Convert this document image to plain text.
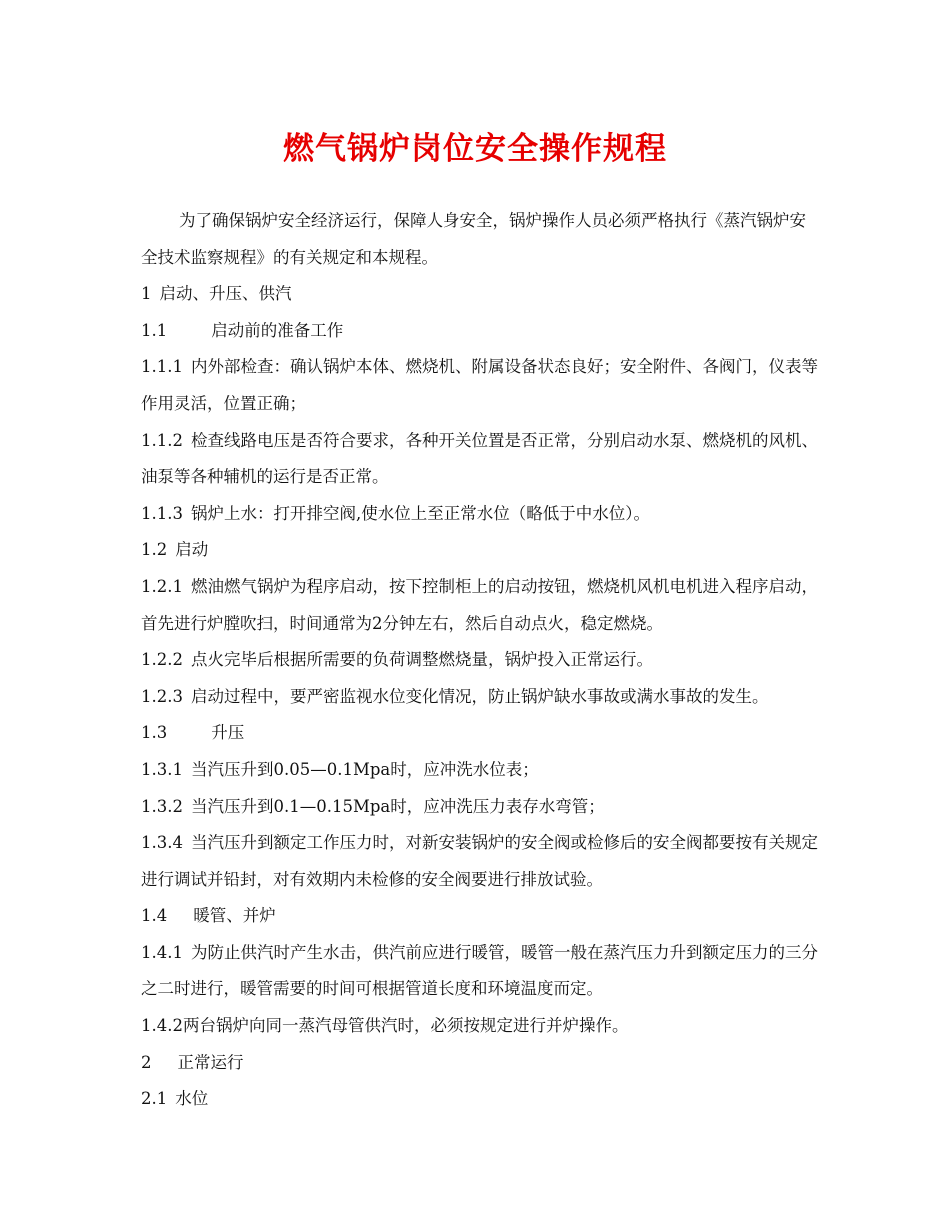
燃气锅炉岗位安全操作规程

为了确保锅炉安全经济运行，保障人身安全，锅炉操作人员必须严格执行《蒸汽锅炉安全技术监察规程》的有关规定和本规程。

1 启动、升压、供汽

1.1	启动前的准备工作

1.1.1 内外部检查：确认锅炉本体、燃烧机、附属设备状态良好；安全附件、各阀门，仪表等作用灵活，位置正确；

1.1.2 检查线路电压是否符合要求，各种开关位置是否正常，分别启动水泵、燃烧机的风机、油泵等各种辅机的运行是否正常。

1.1.3 锅炉上水：打开排空阀,使水位上至正常水位（略低于中水位）。

1.2 启动

1.2.1 燃油燃气锅炉为程序启动，按下控制柜上的启动按钮，燃烧机风机电机进入程序启动，首先进行炉膛吹扫，时间通常为2分钟左右，然后自动点火，稳定燃烧。

1.2.2 点火完毕后根据所需要的负荷调整燃烧量，锅炉投入正常运行。

1.2.3 启动过程中，要严密监视水位变化情况，防止锅炉缺水事故或满水事故的发生。

1.3	升压

1.3.1 当汽压升到0.05—0.1Mpa时，应冲洗水位表；

1.3.2 当汽压升到0.1—0.15Mpa时，应冲洗压力表存水弯管；

1.3.4 当汽压升到额定工作压力时，对新安装锅炉的安全阀或检修后的安全阀都要按有关规定进行调试并铅封，对有效期内未检修的安全阀要进行排放试验。

1.4 暖管、并炉

1.4.1 为防止供汽时产生水击，供汽前应进行暖管，暖管一般在蒸汽压力升到额定压力的三分之二时进行，暖管需要的时间可根据管道长度和环境温度而定。

1.4.2两台锅炉向同一蒸汽母管供汽时，必须按规定进行并炉操作。

2 正常运行

2.1 水位
